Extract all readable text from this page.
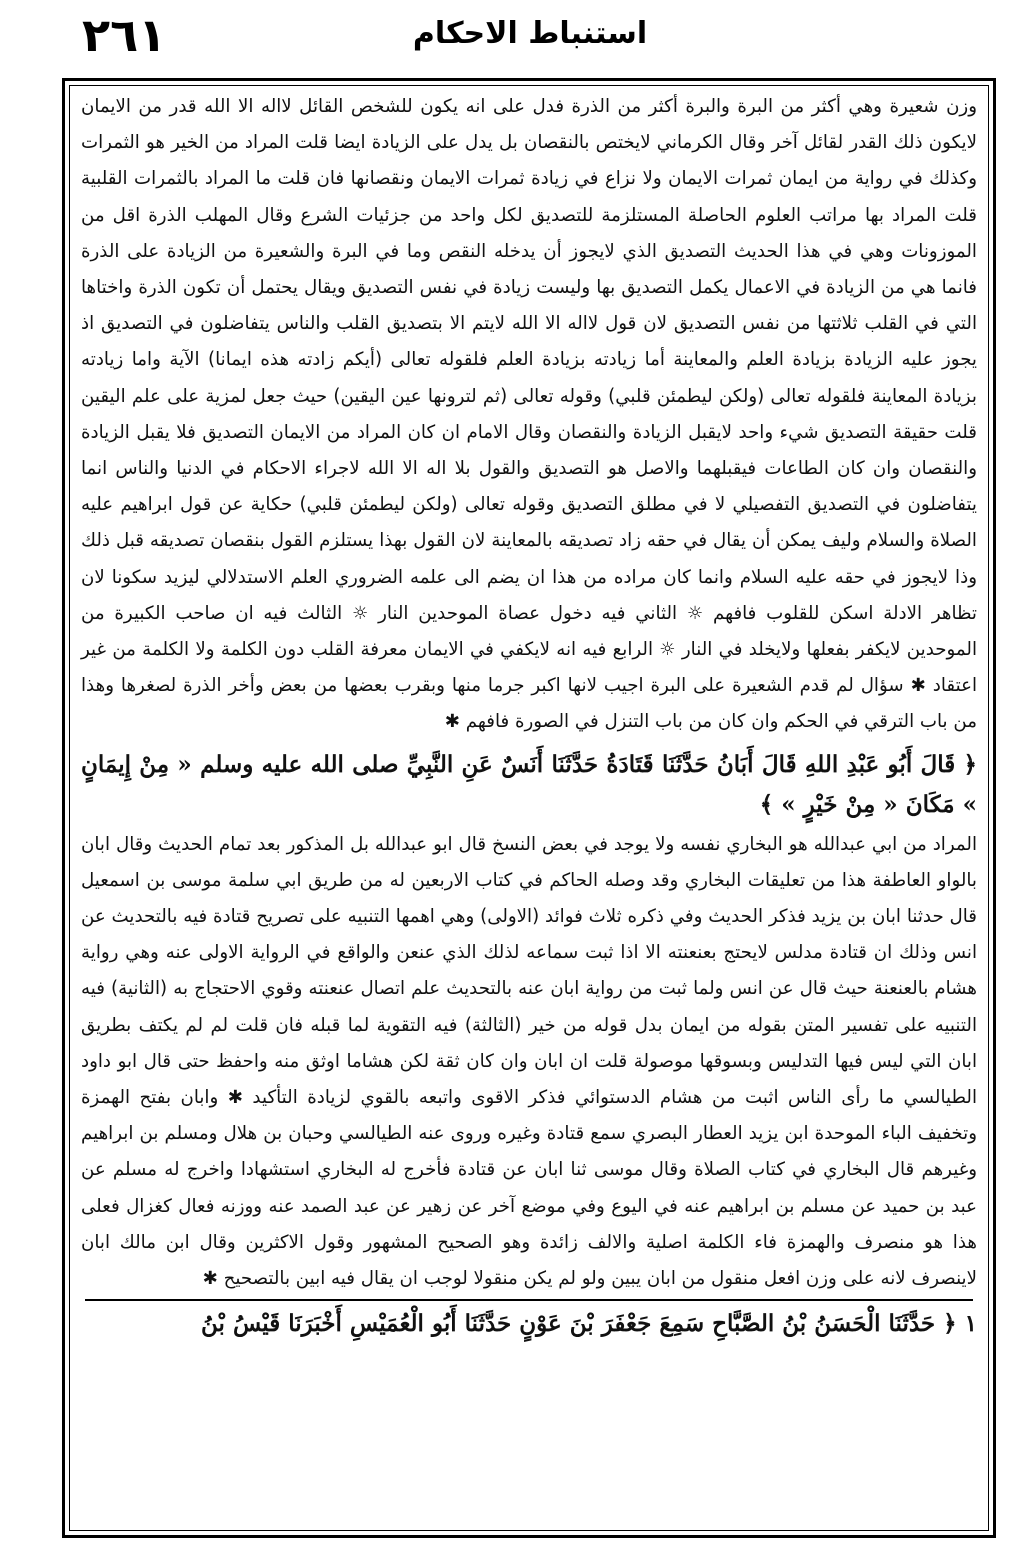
٢٦١	استنباط الاحكام

وزن شعيرة وهي أكثر من البرة والبرة أكثر من الذرة فدل على انه يكون للشخص القائل لااله الا الله قدر من الايمان لايكون ذلك القدر لقائل آخر وقال الكرماني لايختص بالنقصان بل يدل على الزيادة ايضا قلت المراد من الخير هو الثمرات وكذلك في رواية من ايمان ثمرات الايمان ولا نزاع في زيادة ثمرات الايمان ونقصانها فان قلت ما المراد بالثمرات القلبية قلت المراد بها مراتب العلوم الحاصلة المستلزمة للتصديق لكل واحد من جزئيات الشرع وقال المهلب الذرة اقل من الموزونات وهي في هذا الحديث التصديق الذي لايجوز أن يدخله النقص وما في البرة والشعيرة من الزيادة على الذرة فانما هي من الزيادة في الاعمال يكمل التصديق بها وليست زيادة في نفس التصديق ويقال يحتمل أن تكون الذرة واختاها التي في القلب ثلاثتها من نفس التصديق لان قول لااله الا الله لايتم الا بتصديق القلب والناس يتفاضلون في التصديق اذ يجوز عليه الزيادة بزيادة العلم والمعاينة أما زيادته بزيادة العلم فلقوله تعالى (أيكم زادته هذه ايمانا) الآية واما زيادته بزيادة المعاينة فلقوله تعالى (ولكن ليطمئن قلبي) وقوله تعالى (ثم لترونها عين اليقين) حيث جعل لمزية على علم اليقين قلت حقيقة التصديق شيء واحد لايقبل الزيادة والنقصان وقال الامام ان كان المراد من الايمان التصديق فلا يقبل الزيادة والنقصان وان كان الطاعات فيقبلهما والاصل هو التصديق والقول بلا اله الا الله لاجراء الاحكام في الدنيا والناس انما يتفاضلون في التصديق التفصيلي لا في مطلق التصديق وقوله تعالى (ولكن ليطمئن قلبي) حكاية عن قول ابراهيم عليه الصلاة والسلام وليف يمكن أن يقال في حقه زاد تصديقه بالمعاينة لان القول بهذا يستلزم القول بنقصان تصديقه قبل ذلك وذا لايجوز في حقه عليه السلام وانما كان مراده من هذا ان يضم الى علمه الضروري العلم الاستدلالي ليزيد سكونا لان تظاهر الادلة اسكن للقلوب فافهم ☼ الثاني فيه دخول عصاة الموحدين النار ☼ الثالث فيه ان صاحب الكبيرة من الموحدين لايكفر بفعلها ولايخلد في النار ☼ الرابع فيه انه لايكفي في الايمان معرفة القلب دون الكلمة ولا الكلمة من غير اعتقاد ✱ سؤال لم قدم الشعيرة على البرة اجيب لانها اكبر جرما منها وبقرب بعضها من بعض وأخر الذرة لصغرها وهذا من باب الترقي في الحكم وان كان من باب التنزل في الصورة فافهم ✱

﴿ قَالَ أَبُو عَبْدِ اللهِ قَالَ أَبَانُ حَدَّثَنَا قَتَادَةُ حَدَّثَنَا أَنَسٌ عَنِ النَّبِيِّ صلى الله عليه وسلم « مِنْ إِيمَانٍ » مَكَانَ « مِنْ خَيْرٍ » ﴾

المراد من ابي عبدالله هو البخاري نفسه ولا يوجد في بعض النسخ قال ابو عبدالله بل المذكور بعد تمام الحديث وقال ابان بالواو العاطفة هذا من تعليقات البخاري وقد وصله الحاكم في كتاب الاربعين له من طريق ابي سلمة موسى بن اسمعيل قال حدثنا ابان بن يزيد فذكر الحديث وفي ذكره ثلاث فوائد (الاولى) وهي اهمها التنبيه على تصريح قتادة فيه بالتحديث عن انس وذلك ان قتادة مدلس لايحتج بعنعنته الا اذا ثبت سماعه لذلك الذي عنعن والواقع في الرواية الاولى عنه وهي رواية هشام بالعنعنة حيث قال عن انس ولما ثبت من رواية ابان عنه بالتحديث علم اتصال عنعنته وقوي الاحتجاج به (الثانية) فيه التنبيه على تفسير المتن بقوله من ايمان بدل قوله من خير (الثالثة) فيه التقوية لما قبله فان قلت لم لم يكتف بطريق ابان التي ليس فيها التدليس وبسوقها موصولة قلت ان ابان وان كان ثقة لكن هشاما اوثق منه واحفظ حتى قال ابو داود الطيالسي ما رأى الناس اثبت من هشام الدستوائي فذكر الاقوى واتبعه بالقوي لزيادة التأكيد ✱ وابان بفتح الهمزة وتخفيف الباء الموحدة ابن يزيد العطار البصري سمع قتادة وغيره وروى عنه الطيالسي وحبان بن هلال ومسلم بن ابراهيم وغيرهم قال البخاري في كتاب الصلاة وقال موسى ثنا ابان عن قتادة فأخرج له البخاري استشهادا واخرج له مسلم عن عبد بن حميد عن مسلم بن ابراهيم عنه في اليوع وفي موضع آخر عن زهير عن عبد الصمد عنه ووزنه فعال كغزال فعلى هذا هو منصرف والهمزة فاء الكلمة اصلية والالف زائدة وهو الصحيح المشهور وقول الاكثرين وقال ابن مالك ابان لاينصرف لانه على وزن افعل منقول من ابان يبين ولو لم يكن منقولا لوجب ان يقال فيه ابين بالتصحيح ✱

١ ﴿ حَدَّثَنَا الْحَسَنُ بْنُ الصَّبَّاحِ سَمِعَ جَعْفَرَ بْنَ عَوْنٍ حَدَّثَنَا أَبُو الْعُمَيْسِ أَخْبَرَنَا قَيْسُ بْنُ
